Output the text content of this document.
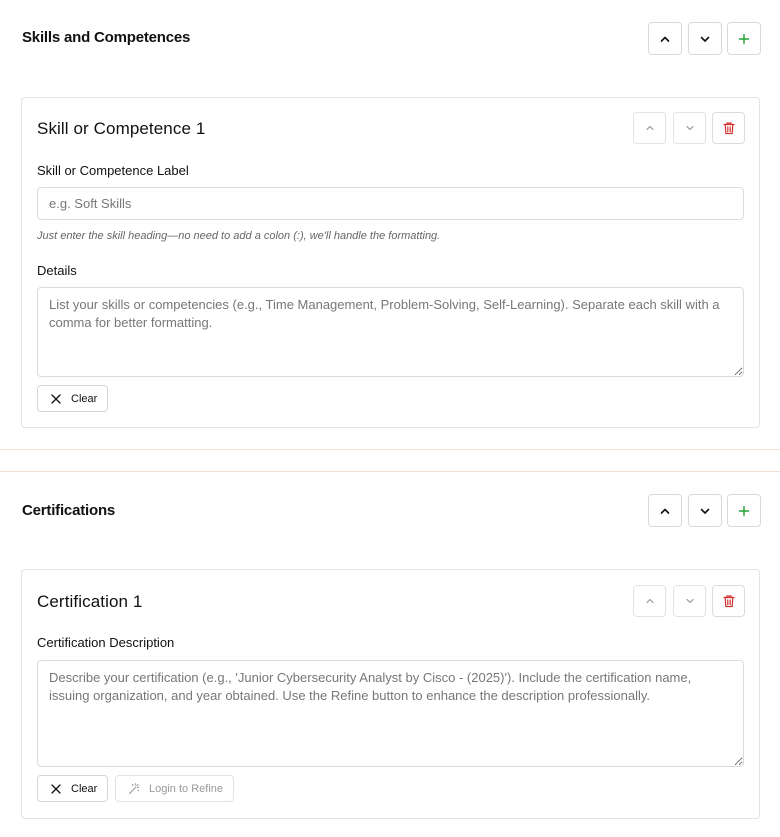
Skills and Competences
Skill or Competence 1
Skill or Competence Label
e.g. Soft Skills
Just enter the skill heading—no need to add a colon (:), we'll handle the formatting.
Details
List your skills or competencies (e.g., Time Management, Problem-Solving, Self-Learning). Separate each skill with a comma for better formatting.
Clear
Certifications
Certification 1
Certification Description
Describe your certification (e.g., 'Junior Cybersecurity Analyst by Cisco - (2025)'). Include the certification name, issuing organization, and year obtained. Use the Refine button to enhance the description professionally.
Clear	Login to Refine
